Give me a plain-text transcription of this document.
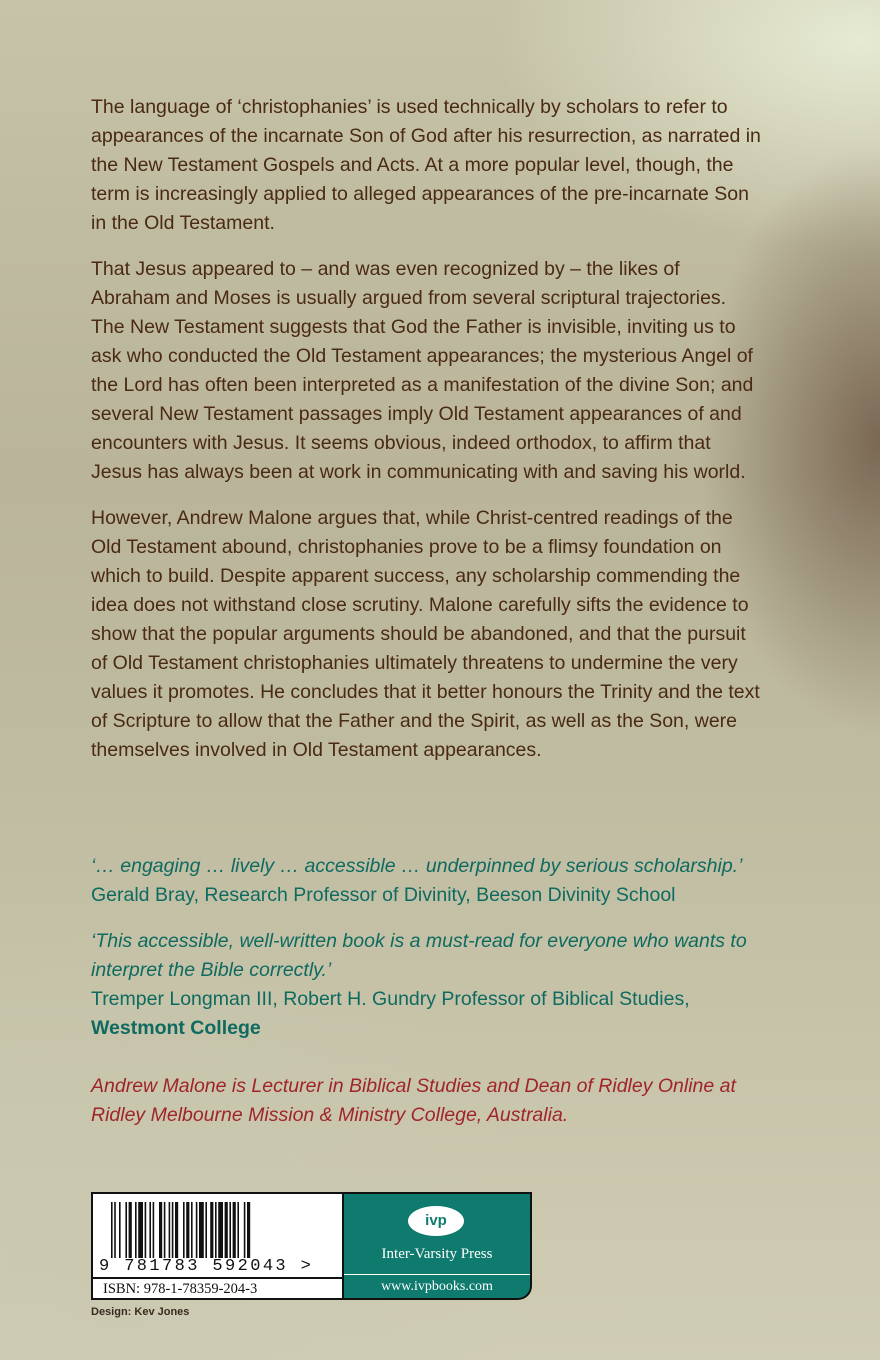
The language of ‘christophanies’ is used technically by scholars to refer to appearances of the incarnate Son of God after his resurrection, as narrated in the New Testament Gospels and Acts. At a more popular level, though, the term is increasingly applied to alleged appearances of the pre-incarnate Son in the Old Testament.

That Jesus appeared to – and was even recognized by – the likes of Abraham and Moses is usually argued from several scriptural trajectories. The New Testament suggests that God the Father is invisible, inviting us to ask who conducted the Old Testament appearances; the mysterious Angel of the Lord has often been interpreted as a manifestation of the divine Son; and several New Testament passages imply Old Testament appearances of and encounters with Jesus. It seems obvious, indeed orthodox, to affirm that Jesus has always been at work in communicating with and saving his world.

However, Andrew Malone argues that, while Christ-centred readings of the Old Testament abound, christophanies prove to be a flimsy foundation on which to build. Despite apparent success, any scholarship commending the idea does not withstand close scrutiny. Malone carefully sifts the evidence to show that the popular arguments should be abandoned, and that the pursuit of Old Testament christophanies ultimately threatens to undermine the very values it promotes. He concludes that it better honours the Trinity and the text of Scripture to allow that the Father and the Spirit, as well as the Son, were themselves involved in Old Testament appearances.

‘… engaging … lively … accessible … underpinned by serious scholarship.’
Gerald Bray, Research Professor of Divinity, Beeson Divinity School
‘This accessible, well-written book is a must-read for everyone who wants to interpret the Bible correctly.’
Tremper Longman III, Robert H. Gundry Professor of Biblical Studies,
Westmont College
Andrew Malone is Lecturer in Biblical Studies and Dean of Ridley Online at Ridley Melbourne Mission & Ministry College, Australia.
9 781783 592043 >
ISBN: 978-1-78359-204-3
ivp
Inter-Varsity Press
www.ivpbooks.com
Design: Kev Jones
